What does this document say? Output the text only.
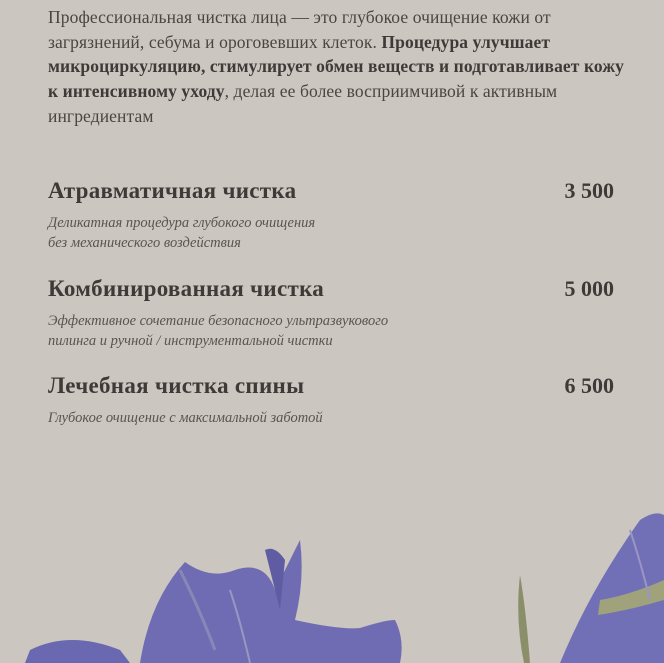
Профессиональная чистка лица — это глубокое очищение кожи от загрязнений, себума и ороговевших клеток. Процедура улучшает микроциркуляцию, стимулирует обмен веществ и подготавливает кожу к интенсивному уходу, делая ее более восприимчивой к активным ингредиентам
Атравматичная чистка	3 500
Деликатная процедура глубокого очищения
без механического воздействия
Комбинированная чистка	5 000
Эффективное сочетание безопасного ультразвукового
пилинга и ручной / инструментальной чистки
Лечебная чистка спины	6 500
Глубокое очищение с максимальной заботой
